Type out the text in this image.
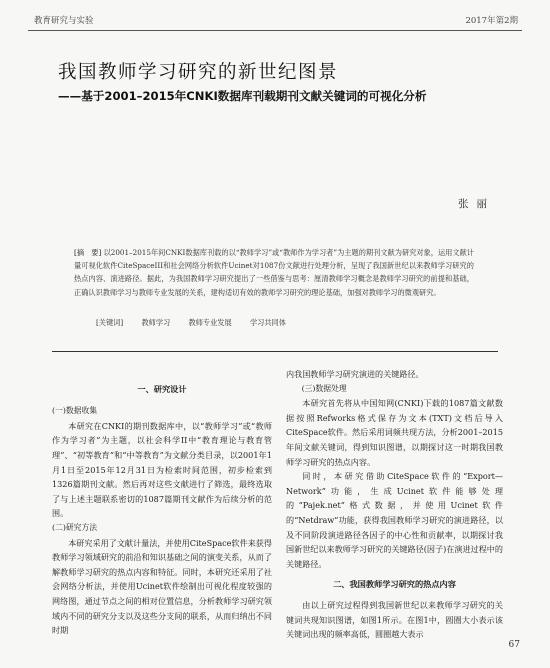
教育研究与实验	2017年第2期
我国教师学习研究的新世纪图景
——基于2001–2015年CNKI数据库刊载期刊文献关键词的可视化分析
张丽
[摘　要] 以2001–2015年间CNKI数据库刊载的以“教师学习”或“教师作为学习者”为主题的期刊文献为研究对象，运用文献计量可视化软件CiteSpaceIII和社会网络分析软件Ucinet对1087份文献进行处理分析，呈现了我国新世纪以来教师学习研究的热点内容、演进路径。据此，为我国教师学习研究提出了一些借鉴与思考：厘清教师学习概念是教师学习研究的前提和基础，正确认识教师学习与教师专业发展的关系，建构适切有效的教师学习研究的理论基础，加强对教师学习的微观研究。
[关键词]	教师学习	教师专业发展	学习共同体
一、研究设计
(一)数据收集

本研究在CNKI的期刊数据库中，以“教师学习”或“教师作为学习者”为主题，以社会科学II中“教育理论与教育管理”、“初等教育”和“中等教育”为文献分类目录，以2001年1月1日至2015年12月31日为检索时间范围，初步检索到1326篇期刊文献。然后再对这些文献进行了筛选，最终选取了与上述主题联系密切的1087篇期刊文献作为后续分析的范围。

(二)研究方法

本研究采用了文献计量法，并使用CiteSpace软件来获得教师学习领域研究的前沿和知识基础之间的演变关系，从而了解教师学习研究的热点内容和特征。同时，本研究还采用了社会网络分析法，并使用Ucinet软件绘制出可视化程度较强的网络图，通过节点之间的相对位置信息，分析教师学习研究领域内不同的研究分支以及这些分支间的联系，从而归纳出不同时期

内我国教师学习研究演进的关键路径。

(三)数据处理

本研究首先将从中国知网(CNKI)下载的1087篇文献数据按照Refworks格式保存为文本(TXT)文档后导入CiteSpace软件。然后采用词频共现方法，分析2001–2015年间文献关键词，得到知识图谱，以期探讨这一时期我国教师学习研究的热点内容。

同时，本研究借助CiteSpace软件的“Export—Network”功能，生成Ucinet软件能够处理的“Pajek.net”格式数据，并使用Ucinet软件的“Netdraw”功能，获得我国教师学习研究的演进路径，以及不同阶段演进路径各因子的中心性和贡献率，以期探讨我国新世纪以来教师学习研究的关键路径(因子)在演进过程中的关键路径。

二、我国教师学习研究的热点内容

由以上研究过程得到我国新世纪以来教师学习研究的关键词共现知识图谱，如图1所示。在图1中，圆圈大小表示该关键词出现的频率高低，圆圈越大表示

67
